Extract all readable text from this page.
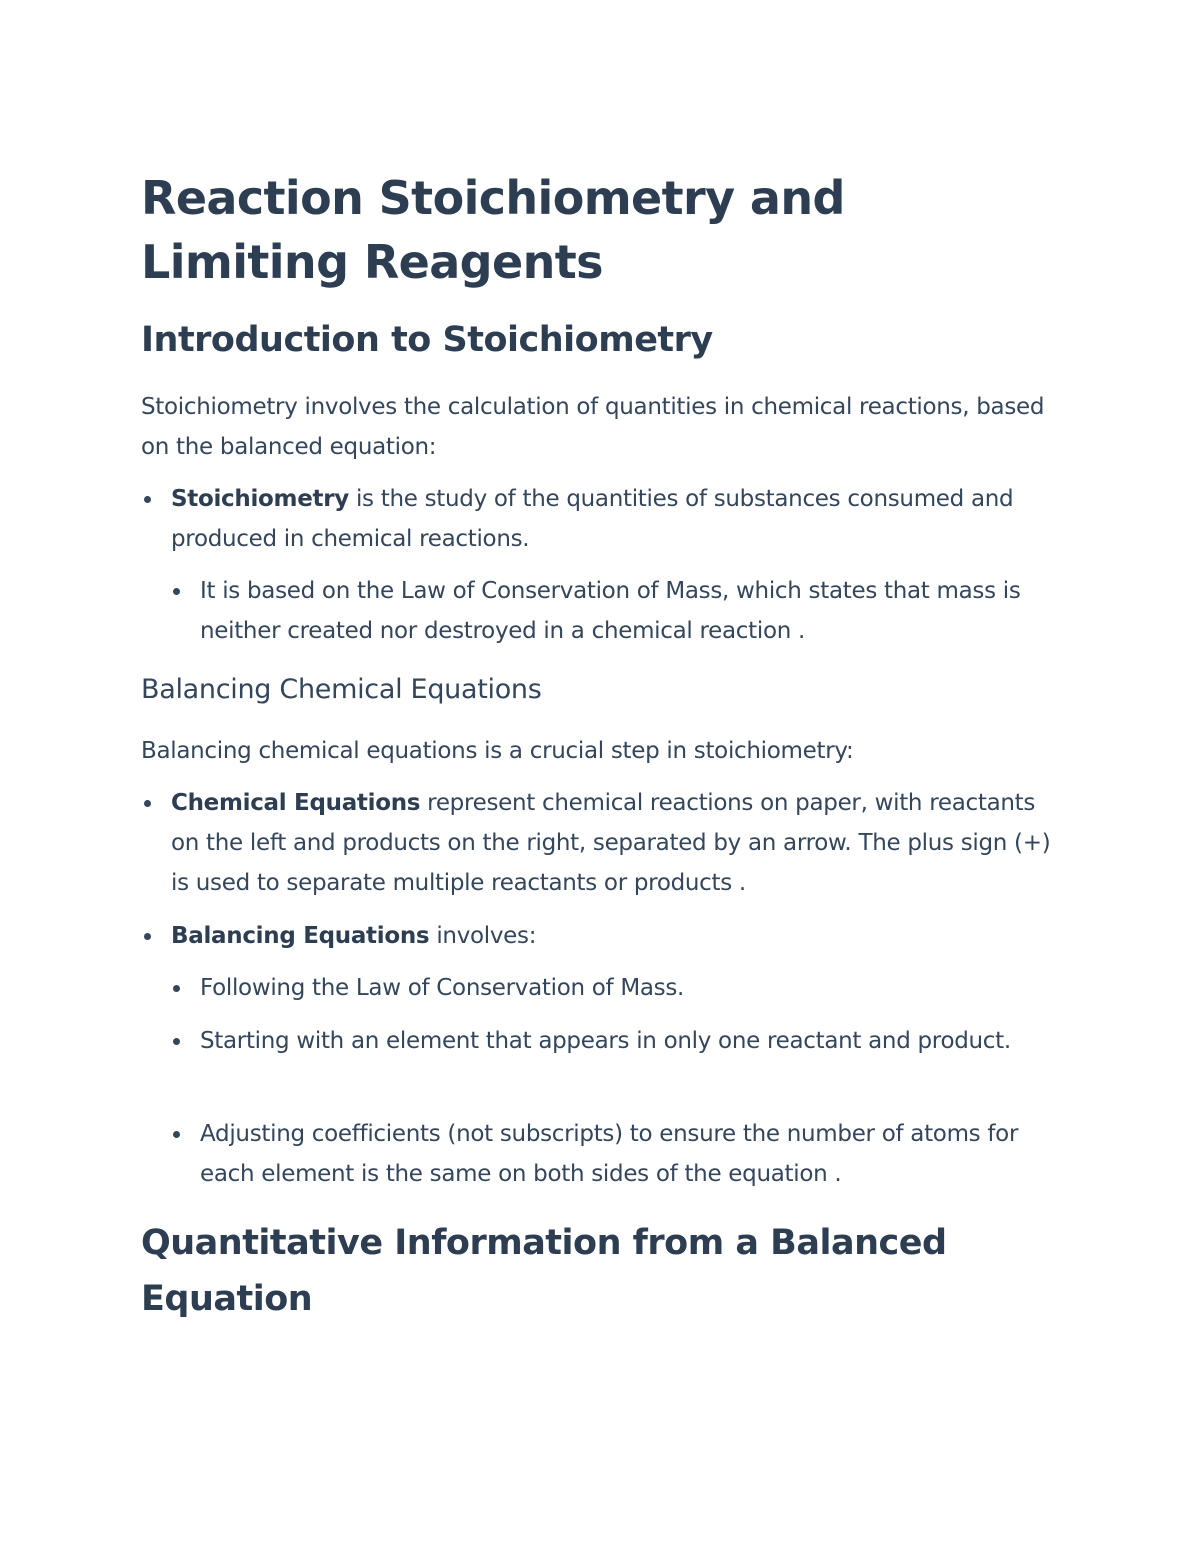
Reaction Stoichiometry and Limiting Reagents
Introduction to Stoichiometry

Stoichiometry involves the calculation of quantities in chemical reactions, based on the balanced equation:

Stoichiometry is the study of the quantities of substances consumed and produced in chemical reactions.
It is based on the Law of Conservation of Mass, which states that mass is neither created nor destroyed in a chemical reaction .
Balancing Chemical Equations

Balancing chemical equations is a crucial step in stoichiometry:

Chemical Equations represent chemical reactions on paper, with reactants on the left and products on the right, separated by an arrow. The plus sign (+) is used to separate multiple reactants or products .
Balancing Equations involves:
Following the Law of Conservation of Mass.
Starting with an element that appears in only one reactant and product.
Adjusting coefficients (not subscripts) to ensure the number of atoms for each element is the same on both sides of the equation .
Quantitative Information from a Balanced Equation
